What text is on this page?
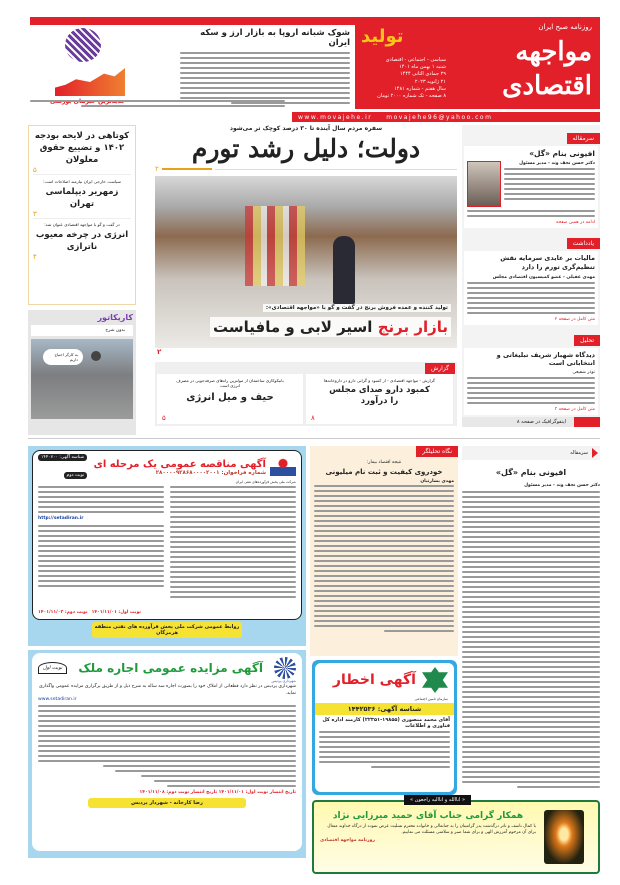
روزنامه صبح ایران
مواجهه اقتصادی
تولید
سیاسی - اجتماعی - اقتصادی
شنبه ۱ بهمن ماه ۱۴۰۱
۲۹ جمادی الثانی ۱۴۴۴
۲۱ ژانویه ۲۰۲۳
سال هفتم - شماره ۱۴۸۱
۸ صفحه - تک شماره ۲۰۰۰ تومان
www.movajehe.ir movajehe96@yahoo.com
شوک شبانه اروپا به بازار ارز و سکه ایران
سرمقاله
افیونی بنام «گل»
دکتر حسن نجف وند - مدیر مسئول
ادامه در همین صفحه
یادداشت
مالیات بر عایدی سرمایه نقش تنظیم‌گری تورم را دارد
مهدی عقیلی - عضو کمیسیون اقتصادی مجلس
متن کامل در صفحه ۲
تحلیل
دیدگاه شهباز شریف تبلیغاتی و انتخاباتی است
نوذر شفیعی
متن کامل در صفحه ۳
اینفوگرافیک در صفحه ۸
سفره مردم سال آینده تا ۳۰ درصد کوچک تر می‌شود
دولت؛ دلیل رشد تورم
۲
تولید کننده و عمده فروش برنج در گفت و گو با «مواجهه اقتصادی»:
بازار برنج اسیر لابی و مافیاست
۲
گزارش
گزارش - مواجهه اقتصادی - از کمبود و گرانی دارو در داروخانه‌ها
کمبود دارو صدای مجلس را درآورد
۸
بانیکوکاری ساختمان از مولترین راه‌های صرفه‌جویی در مصرف انرژی است
حیف و میل انرژی
۵
کوتاهی در لایحه بودجه ۱۴۰۲ و تضییع حقوق معلولان
۵
سیاست خارجی ایران نیازمند اصلاحات است:
زمهریر دیپلماسی تهران
۳
در گفت و گو با مواجهه اقتصادی عنوان شد:
انرژی در چرخه معیوب ناترازی
۴
کاریکاتور
بدون شرح
به کارگر احتیاج داریم
سرمقاله
افیونی بنام «گل»
دکتر حسن نجف وند - مدیر مسئول
نگاه تحلیلگر
نتیجه اقتصاد بیمار:
خودروی کیفیت و ثبت نام میلیونی
مهدی بشارتیان
آگهی اخطار
سازمان تامین اجتماعی
شناسه آگهی: ۱۴۴۲۵۳۶
آقای محمد منصوری (۱۹۸۵۵-۲۲۳۵۱) کارمند اداره کل فناوری و اطلاعات
آگهی مناقصه عمومی یک مرحله ای
شماره فراخوان: ۲۸۰۰۰۰۹۲۸۶۸۰۰۰۰۲۰۰۱
شناسه آگهی: ۱۴۴۰۷۰۰
نوبت دوم
شرکت ملی پخش فرآورده‌های نفتی ایران
http://setadiran.ir
نوبت اول: ۱۴۰۱/۱۱/۰۱
نوبت دوم: ۱۴۰۱/۱۱/۰۲
روابط عمومی شرکت ملی پخش فرآورده های نفتی منطقه هرمزگان
آگهی مزایده عمومی اجاره ملک
نوبت اول
شهرداری پردیس
شهرداری پردیس در نظر دارد قطعاتی از املاک خود را بصورت اجاره سه ساله به شرح ذیل و از طریق برگزاری مزایده عمومی واگذاری نماید.
www.setadiran.ir
تاریخ انتشار نوبت اول: ۱۴۰۱/۱۱/۰۱ تاریخ انتشار نوبت دوم: ۱۴۰۱/۱۱/۰۸
رضا کارخانه - شهردار پردیس	« اناالله و اناالیه راجعون »
همکار گرامی جناب آقای حمید میرزایی نژاد
با کمال تاسف و تاثر درگذشت پدر گرامیتان را به جنابعالی و خانواده محترم تسلیت عرض نموده از درگاه خداوند متعال برای آن مرحوم آمرزش الهی و برای شما صبر و سلامتی مسئلت می نماییم.
روزنامه مواجهه اقتصادی
